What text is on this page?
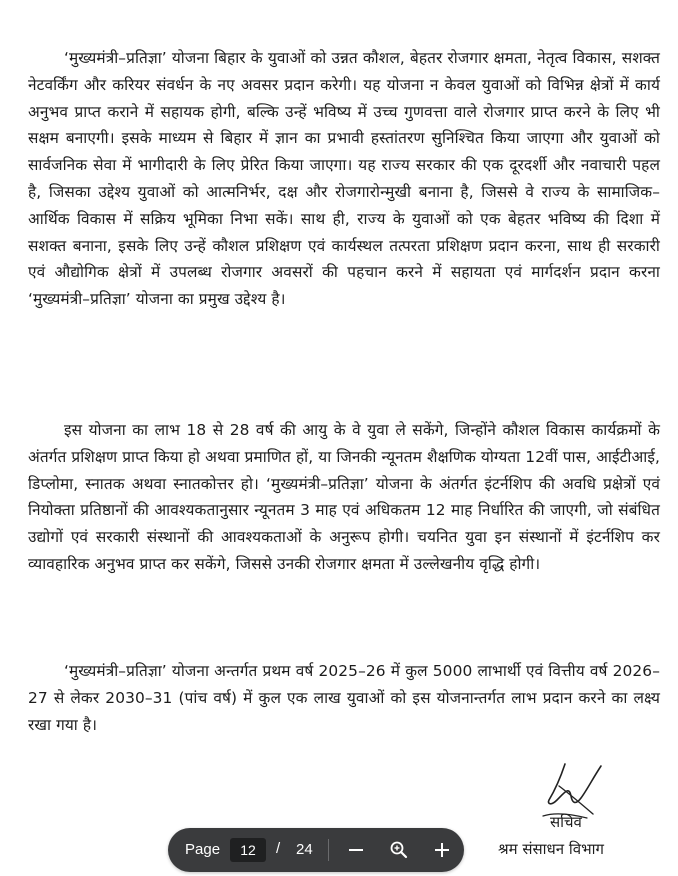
‘मुख्यमंत्री–प्रतिज्ञा’ योजना बिहार के युवाओं को उन्नत कौशल, बेहतर रोजगार क्षमता, नेतृत्व विकास, सशक्त नेटवर्किंग और करियर संवर्धन के नए अवसर प्रदान करेगी। यह योजना न केवल युवाओं को विभिन्न क्षेत्रों में कार्य अनुभव प्राप्त कराने में सहायक होगी, बल्कि उन्हें भविष्य में उच्च गुणवत्ता वाले रोजगार प्राप्त करने के लिए भी सक्षम बनाएगी। इसके माध्यम से बिहार में ज्ञान का प्रभावी हस्तांतरण सुनिश्चित किया जाएगा और युवाओं को सार्वजनिक सेवा में भागीदारी के लिए प्रेरित किया जाएगा। यह राज्य सरकार की एक दूरदर्शी और नवाचारी पहल है, जिसका उद्देश्य युवाओं को आत्मनिर्भर, दक्ष और रोजगारोन्मुखी बनाना है, जिससे वे राज्य के सामाजिक–आर्थिक विकास में सक्रिय भूमिका निभा सकें। साथ ही, राज्य के युवाओं को एक बेहतर भविष्य की दिशा में सशक्त बनाना, इसके लिए उन्हें कौशल प्रशिक्षण एवं कार्यस्थल तत्परता प्रशिक्षण प्रदान करना, साथ ही सरकारी एवं औद्योगिक क्षेत्रों में उपलब्ध रोजगार अवसरों की पहचान करने में सहायता एवं मार्गदर्शन प्रदान करना ‘मुख्यमंत्री–प्रतिज्ञा’ योजना का प्रमुख उद्देश्य है।

इस योजना का लाभ 18 से 28 वर्ष की आयु के वे युवा ले सकेंगे, जिन्होंने कौशल विकास कार्यक्रमों के अंतर्गत प्रशिक्षण प्राप्त किया हो अथवा प्रमाणित हों, या जिनकी न्यूनतम शैक्षणिक योग्यता 12वीं पास, आईटीआई, डिप्लोमा, स्नातक अथवा स्नातकोत्तर हो। ‘मुख्यमंत्री–प्रतिज्ञा’ योजना के अंतर्गत इंटर्नशिप की अवधि प्रक्षेत्रों एवं नियोक्ता प्रतिष्ठानों की आवश्यकतानुसार न्यूनतम 3 माह एवं अधिकतम 12 माह निर्धारित की जाएगी, जो संबंधित उद्योगों एवं सरकारी संस्थानों की आवश्यकताओं के अनुरूप होगी। चयनित युवा इन संस्थानों में इंटर्नशिप कर व्यावहारिक अनुभव प्राप्त कर सकेंगे, जिससे उनकी रोजगार क्षमता में उल्लेखनीय वृद्धि होगी।

‘मुख्यमंत्री–प्रतिज्ञा’ योजना अन्तर्गत प्रथम वर्ष 2025–26 में कुल 5000 लाभार्थी एवं वित्तीय वर्ष 2026–27 से लेकर 2030–31 (पांच वर्ष) में कुल एक लाख युवाओं को इस योजनान्तर्गत लाभ प्रदान करने का लक्ष्य रखा गया है।

सचिव
श्रम संसाधन विभाग
Page	12	/ 24
